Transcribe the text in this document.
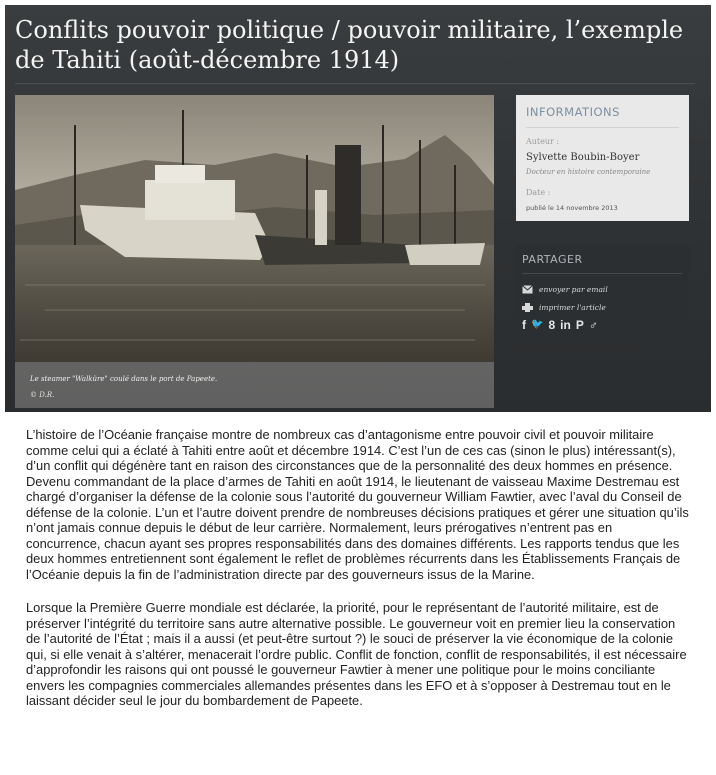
Conflits pouvoir politique / pouvoir militaire, l’exemple de Tahiti (août-décembre 1914)
Le steamer "Walküre" coulé dans le port de Papeete.
© D.R.
INFORMATIONS
Auteur :
Sylvette Boubin-Boyer
Docteur en histoire contemporaine
Date :
publié le 14 novembre 2013
PARTAGER
envoyer par email
imprimer l'article
f 🐦 8 in P ♂

L’histoire de l’Océanie française montre de nombreux cas d’antagonisme entre pouvoir civil et pouvoir militaire comme celui qui a éclaté à Tahiti entre août et décembre 1914. C’est l’un de ces cas (sinon le plus) intéressant(s), d’un conflit qui dégénère tant en raison des circonstances que de la personnalité des deux hommes en présence. Devenu commandant de la place d’armes de Tahiti en août 1914, le lieutenant de vaisseau Maxime Destremau est chargé d’organiser la défense de la colonie sous l’autorité du gouverneur William Fawtier, avec l’aval du Conseil de défense de la colonie. L’un et l’autre doivent prendre de nombreuses décisions pratiques et gérer une situation qu’ils n’ont jamais connue depuis le début de leur carrière. Normalement, leurs prérogatives n’entrent pas en concurrence, chacun ayant ses propres responsabilités dans des domaines différents. Les rapports tendus que les deux hommes entretiennent sont également le reflet de problèmes récurrents dans les Établissements Français de l’Océanie depuis la fin de l’administration directe par des gouverneurs issus de la Marine.

Lorsque la Première Guerre mondiale est déclarée, la priorité, pour le représentant de l’autorité militaire, est de préserver l’intégrité du territoire sans autre alternative possible. Le gouverneur voit en premier lieu la conservation de l’autorité de l’État ; mais il a aussi (et peut-être surtout ?) le souci de préserver la vie économique de la colonie qui, si elle venait à s’altérer, menacerait l’ordre public. Conflit de fonction, conflit de responsabilités, il est nécessaire d’approfondir les raisons qui ont poussé le gouverneur Fawtier à mener une politique pour le moins conciliante envers les compagnies commerciales allemandes présentes dans les EFO et à s’opposer à Destremau tout en le laissant décider seul le jour du bombardement de Papeete.
